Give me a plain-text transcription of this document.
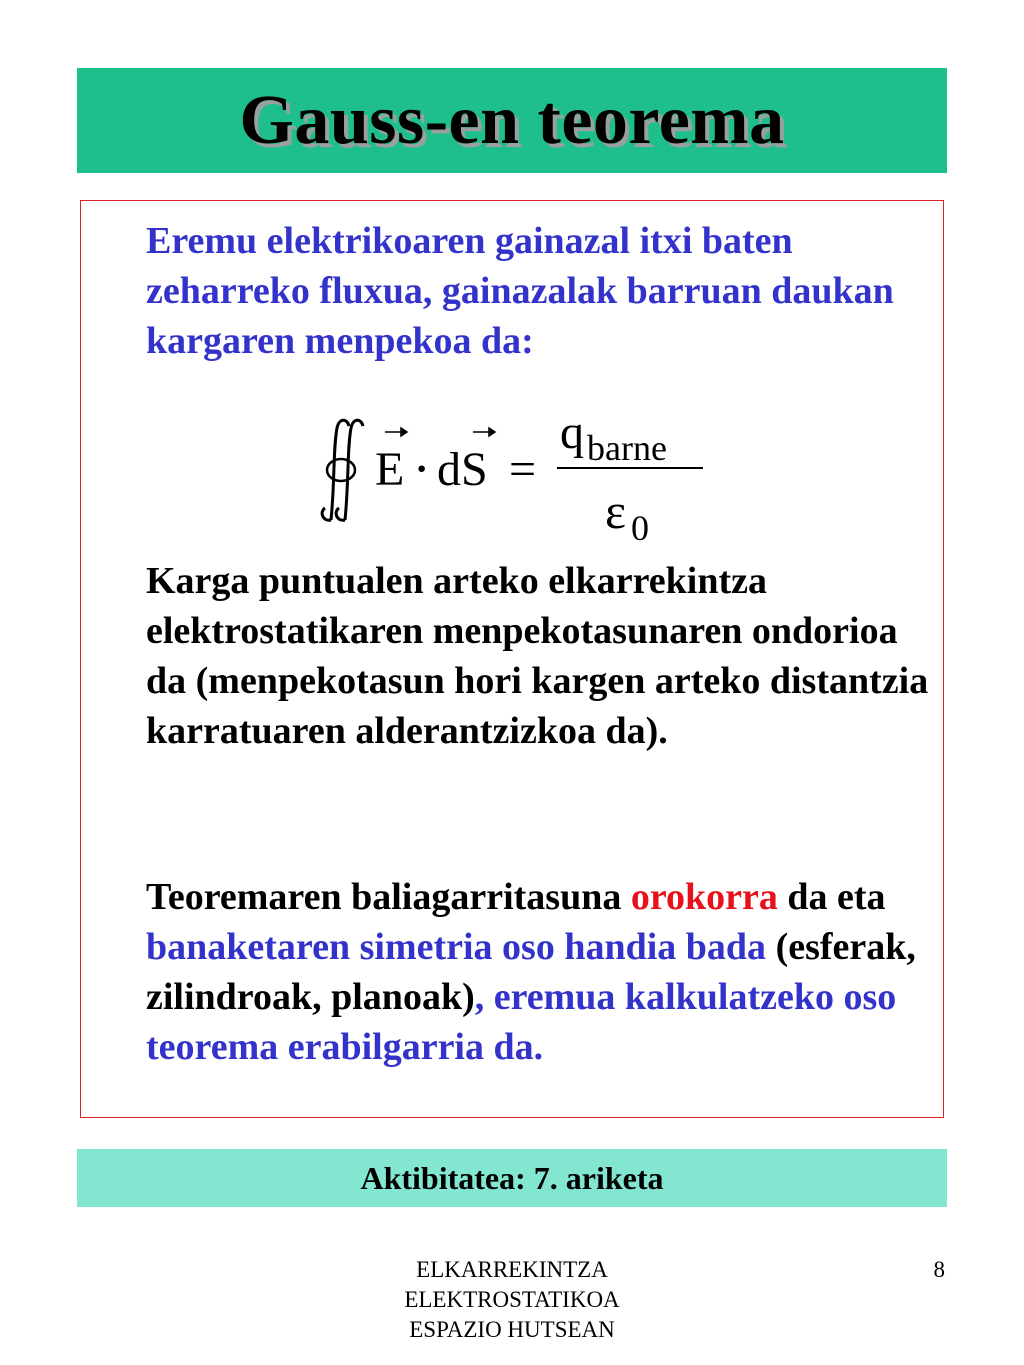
Gauss-en teorema
Eremu elektrikoaren gainazal itxi baten zeharreko fluxua, gainazalak barruan daukan kargaren menpekoa da:
E · dS =
q barne
ε 0
Karga puntualen arteko elkarrekintza elektrostatikaren menpekotasunaren ondorioa da (menpekotasun hori kargen arteko distantzia karratuaren alderantzizkoa da).
Teoremaren baliagarritasuna orokorra da eta banaketaren simetria oso handia bada (esferak, zilindroak, planoak), eremua kalkulatzeko oso teorema erabilgarria da.
Aktibitatea: 7. ariketa
ELKARREKINTZA
ELEKTROSTATIKOA
ESPAZIO HUTSEAN
8
